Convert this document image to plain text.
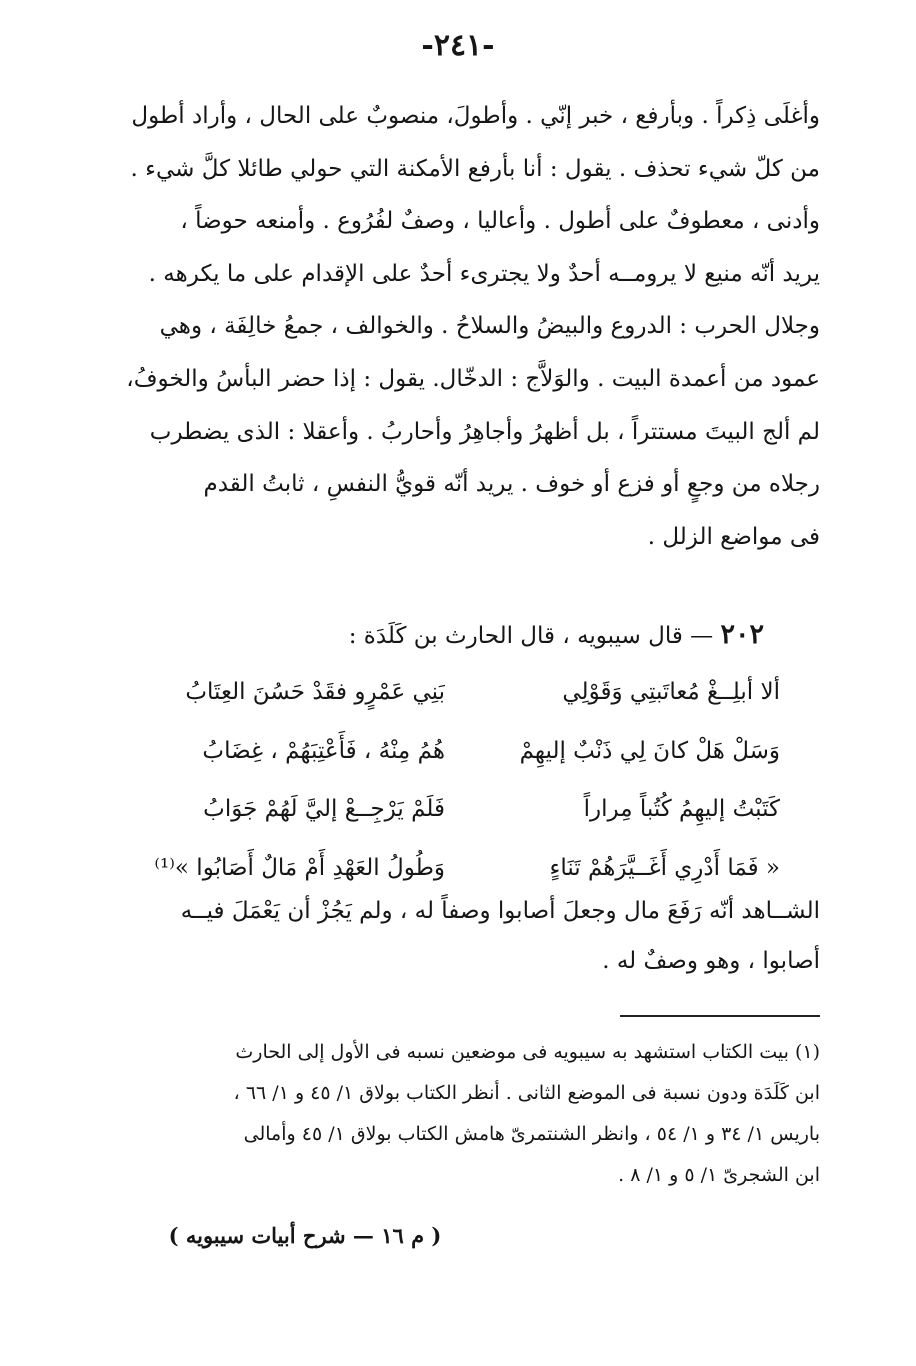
-٢٤١-
وأغلَى ذِكراً . وبأرفع ، خبر إنّي . وأطولَ، منصوبٌ على الحال ، وأراد أطول
من كلّ شيء تحذف . يقول : أنا بأرفع الأمكنة التي حولي طائلا كلَّ شيء .
وأدنى ، معطوفٌ على أطول . وأعاليا ، وصفٌ لفُرُوع . وأمنعه حوضاً ،
يريد أنّه منيع لا يرومــه أحدٌ ولا يجترىء أحدٌ على الإقدام على ما يكرهه .
وجلال الحرب : الدروع والبيضُ والسلاحُ . والخوالف ، جمعُ خالِفَة ، وهي
عمود من أعمدة البيت . والوَلاَّج : الدخّال. يقول : إذا حضر البأسُ والخوفُ،
لم ألج البيتَ مستتراً ، بل أظهرُ وأجاهِرُ وأحاربُ . وأعقلا : الذى يضطرب
رجلاه من وجعٍ أو فزع أو خوف . يريد أنّه قويُّ النفسِ ، ثابتُ القدم
فى مواضع الزلل .
٢٠٢ — قال سيبويه ، قال الحارث بن كَلَدَة :
ألا أبلِــغْ مُعاتَبتِي وَقَوْلِي
بَنِي عَمْرٍو فقَدْ حَسُنَ العِتَابُ
وَسَلْ هَلْ كانَ لِي ذَنْبٌ إليهِمْ
هُمُ مِنْهُ ، فَأَعْتِبَهُمْ ، غِضَابُ
كَتَبْتُ إليهِمُ كُتُباً مِراراً
فَلَمْ يَرْجِــعْ إليَّ لَهُمْ جَوَابُ
« فَمَا أَدْرِي أَغَــيَّرَهُمْ تَنَاءٍ
وَطُولُ العَهْدِ أَمْ مَالٌ أَصَابُوا »⁽¹⁾
الشــاهد أنّه رَفَعَ مال وجعلَ أصابوا وصفاً له ، ولم يَجُزْ أن يَعْمَلَ فيــه
أصابوا ، وهو وصفٌ له .
(١) بيت الكتاب استشهد به سيبويه فى موضعين نسبه فى الأول إلى الحارث
ابن كَلَدَة ودون نسبة فى الموضع الثانى . أنظر الكتاب بولاق ١/ ٤٥ و ١/ ٦٦ ،
باريس ١/ ٣٤ و ١/ ٥٤ ، وانظر الشنتمرىّ هامش الكتاب بولاق ١/ ٤٥ وأمالى
ابن الشجرىّ ١/ ٥ و ١/ ٨ .
( م ١٦ — شرح أبيات سيبويه )
